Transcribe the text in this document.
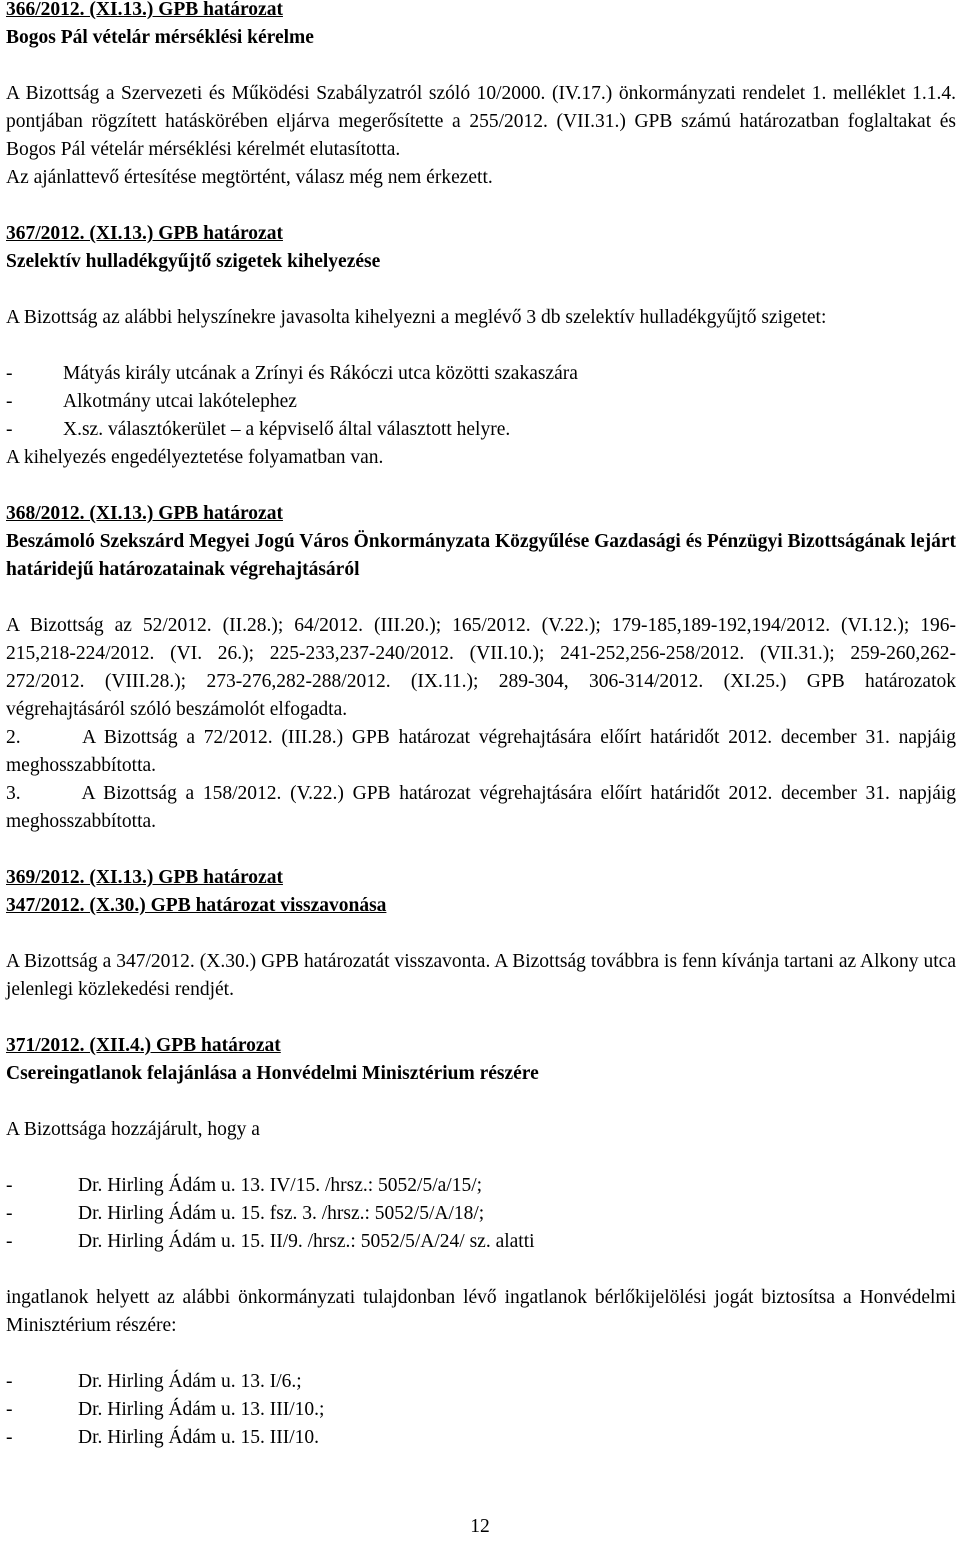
366/2012. (XI.13.) GPB határozat

Bogos Pál vételár mérséklési kérelme

A Bizottság a Szervezeti és Működési Szabályzatról szóló 10/2000. (IV.17.) önkormányzati rendelet 1. melléklet 1.1.4. pontjában rögzített hatáskörében eljárva megerősítette a 255/2012. (VII.31.) GPB számú határozatban foglaltakat és Bogos Pál vételár mérséklési kérelmét elutasította.

Az ajánlattevő értesítése megtörtént, válasz még nem érkezett.

367/2012. (XI.13.) GPB határozat

Szelektív hulladékgyűjtő szigetek kihelyezése

A Bizottság az alábbi helyszínekre javasolta kihelyezni a meglévő 3 db szelektív hulladékgyűjtő szigetet:

-	Mátyás király utcának a Zrínyi és Rákóczi utca közötti szakaszára
-	Alkotmány utcai lakótelephez
-	X.sz. választókerület – a képviselő által választott helyre.

A kihelyezés engedélyeztetése folyamatban van.

368/2012. (XI.13.) GPB határozat

Beszámoló Szekszárd Megyei Jogú Város Önkormányzata Közgyűlése Gazdasági és Pénzügyi Bizottságának lejárt határidejű határozatainak végrehajtásáról

A Bizottság az 52/2012. (II.28.); 64/2012. (III.20.); 165/2012. (V.22.); 179-185,189-192,194/2012. (VI.12.); 196-215,218-224/2012. (VI. 26.); 225-233,237-240/2012. (VII.10.); 241-252,256-258/2012. (VII.31.); 259-260,262-272/2012. (VIII.28.); 273-276,282-288/2012. (IX.11.); 289-304, 306-314/2012. (XI.25.) GPB határozatok végrehajtásáról szóló beszámolót elfogadta.

2.	A Bizottság a 72/2012. (III.28.) GPB határozat végrehajtására előírt határidőt 2012. december 31. napjáig meghosszabbította.

3.	A Bizottság a 158/2012. (V.22.) GPB határozat végrehajtására előírt határidőt 2012. december 31. napjáig meghosszabbította.

369/2012. (XI.13.) GPB határozat

347/2012. (X.30.) GPB határozat visszavonása

A Bizottság a 347/2012. (X.30.) GPB határozatát visszavonta. A Bizottság továbbra is fenn kívánja tartani az Alkony utca jelenlegi közlekedési rendjét.

371/2012. (XII.4.) GPB határozat

Csereingatlanok felajánlása a Honvédelmi Minisztérium részére

A Bizottsága hozzájárult, hogy a

-	Dr. Hirling Ádám u. 13. IV/15. /hrsz.: 5052/5/a/15/;
-	Dr. Hirling Ádám u. 15. fsz. 3. /hrsz.: 5052/5/A/18/;
-	Dr. Hirling Ádám u. 15. II/9. /hrsz.: 5052/5/A/24/ sz. alatti

ingatlanok helyett az alábbi önkormányzati tulajdonban lévő ingatlanok bérlőkijelölési jogát biztosítsa a Honvédelmi Minisztérium részére:

-	Dr. Hirling Ádám u. 13. I/6.;
-	Dr. Hirling Ádám u. 13. III/10.;
-	Dr. Hirling Ádám u. 15. III/10.
12
